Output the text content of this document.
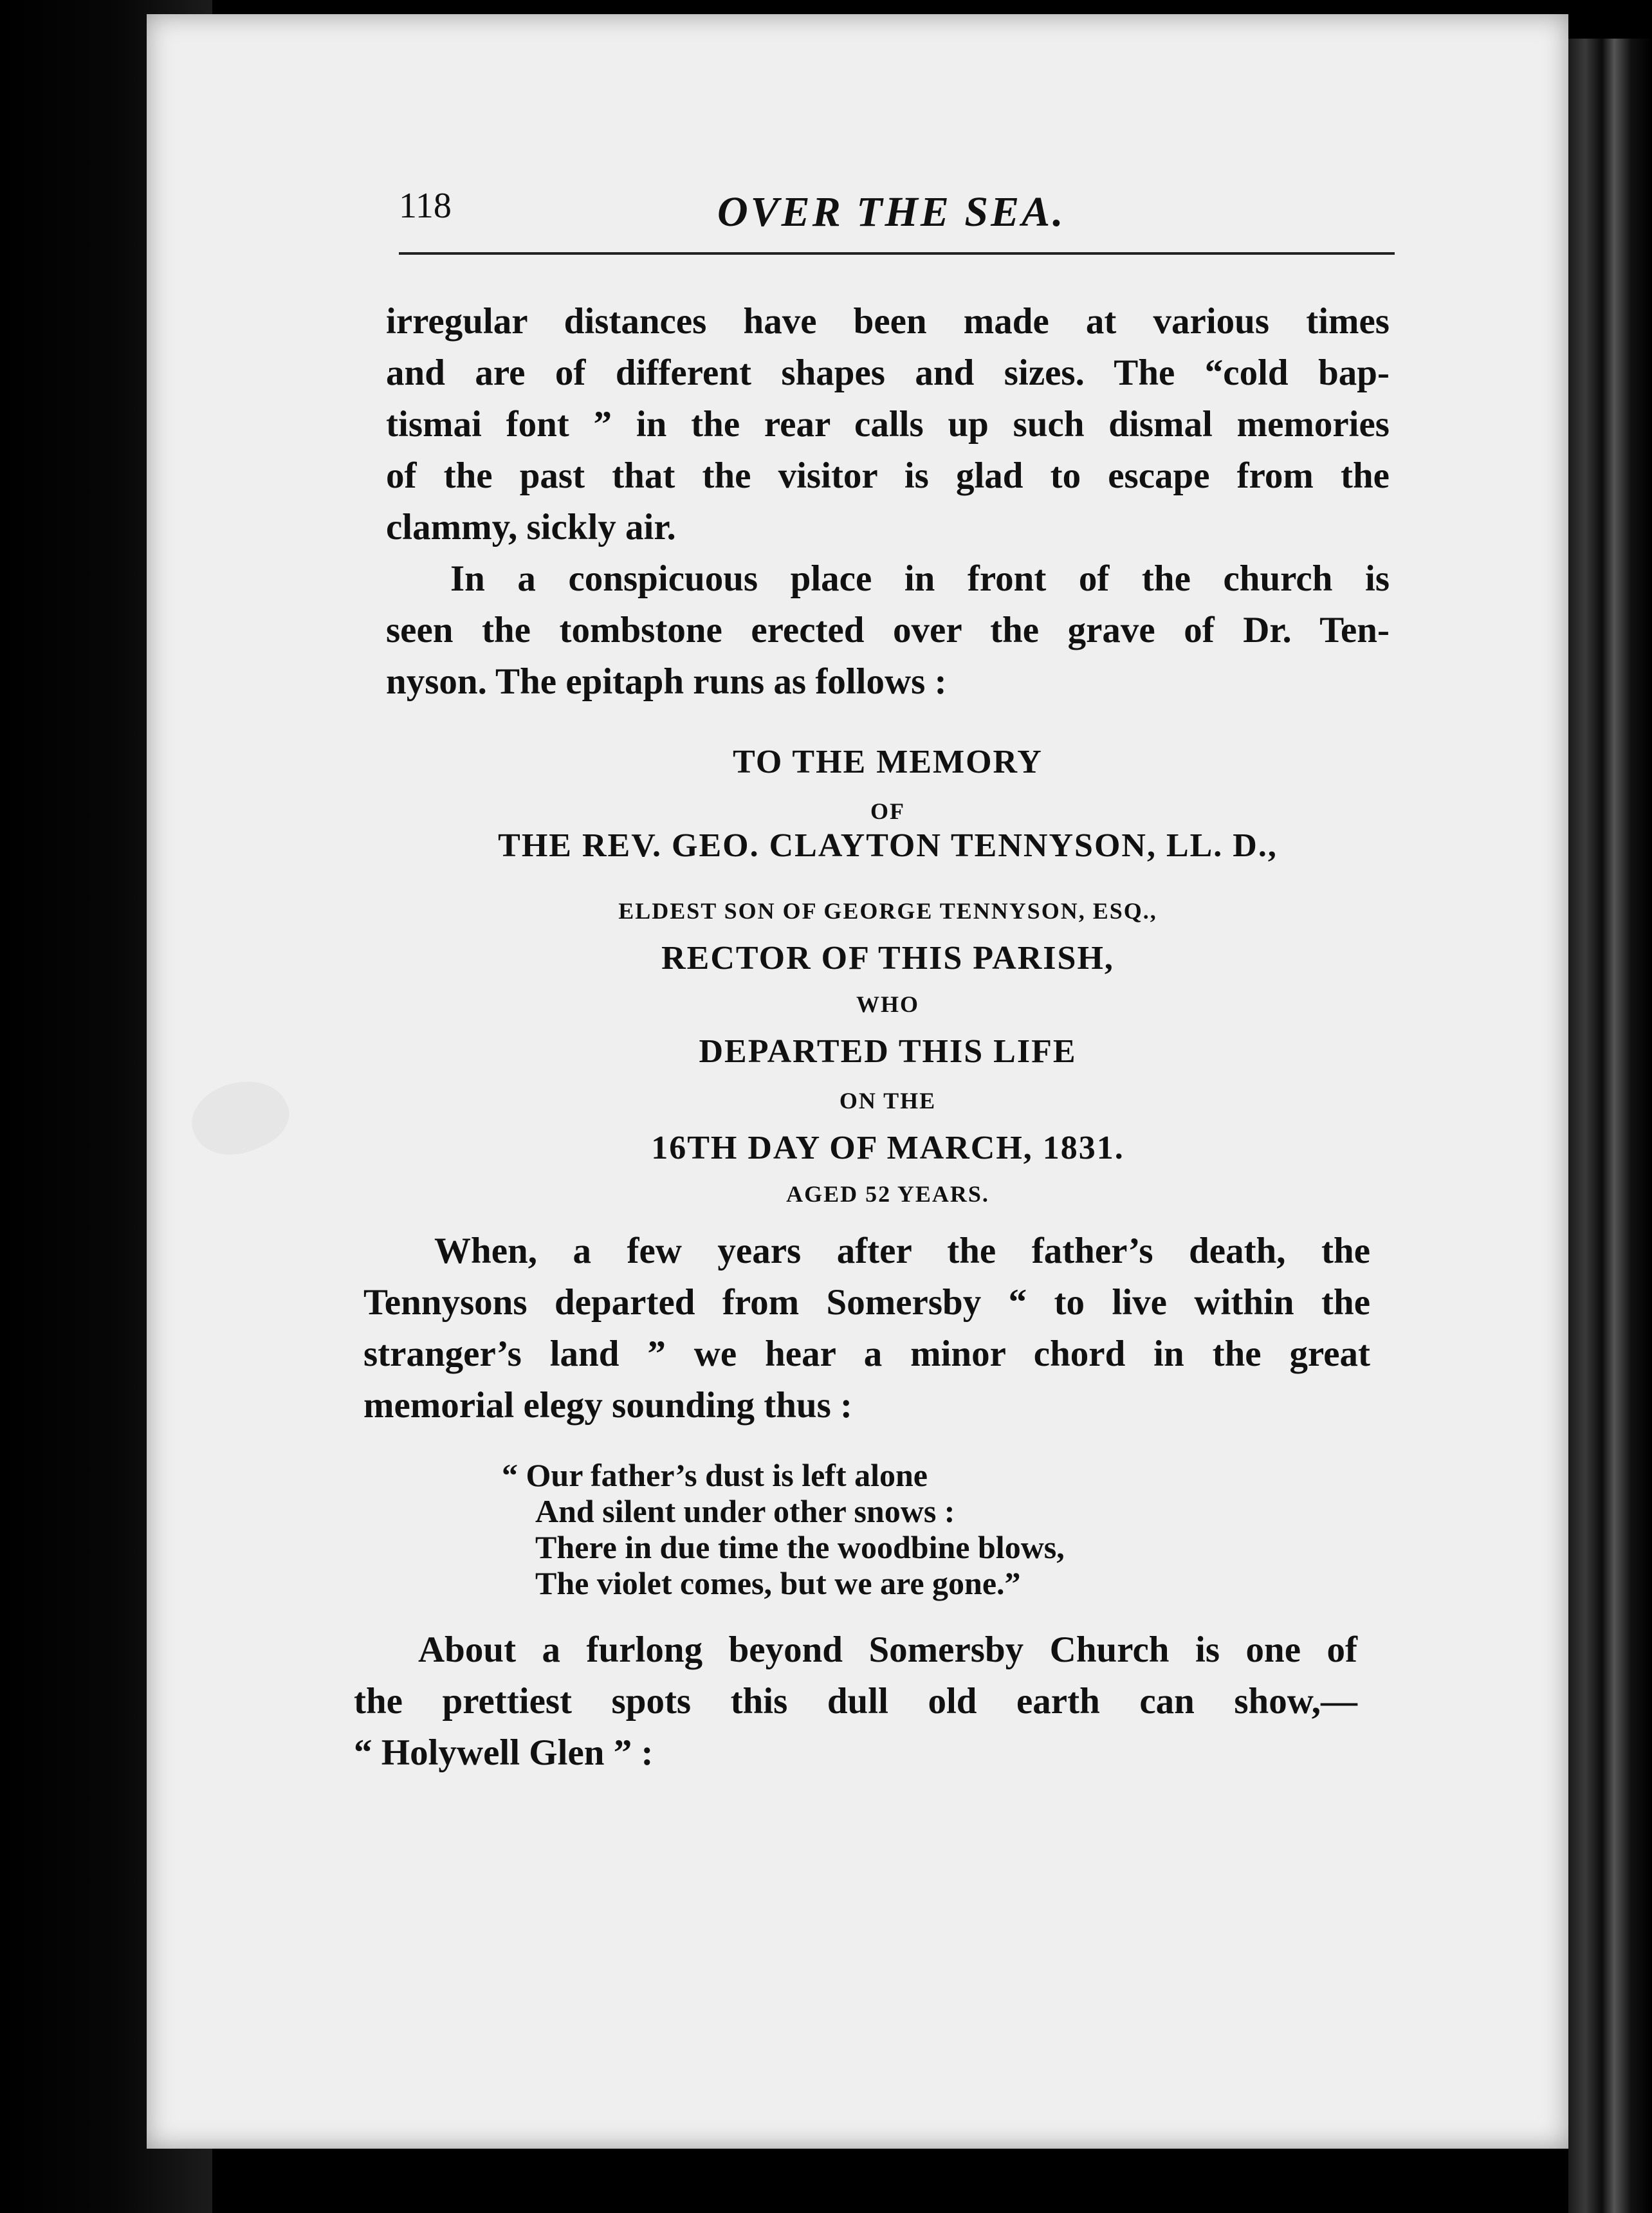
118	OVER THE SEA.
irregular distances have been made at various times
and are of different shapes and sizes. The “cold bap-
tismai font ” in the rear calls up such dismal memories
of the past that the visitor is glad to escape from the
clammy, sickly air.
In a conspicuous place in front of the church is
seen the tombstone erected over the grave of Dr. Ten-
nyson. The epitaph runs as follows :
TO THE MEMORY
OF
THE REV. GEO. CLAYTON TENNYSON, LL. D.,
ELDEST SON OF GEORGE TENNYSON, ESQ.,
RECTOR OF THIS PARISH,
WHO
DEPARTED THIS LIFE
ON THE
16TH DAY OF MARCH, 1831.
AGED 52 YEARS.
When, a few years after the father’s death, the
Tennysons departed from Somersby “ to live within the
stranger’s land ” we hear a minor chord in the great
memorial elegy sounding thus :
“ Our father’s dust is left alone
And silent under other snows :
There in due time the woodbine blows,
The violet comes, but we are gone.”
About a furlong beyond Somersby Church is one of
the prettiest spots this dull old earth can show,—
“ Holywell Glen ” :
